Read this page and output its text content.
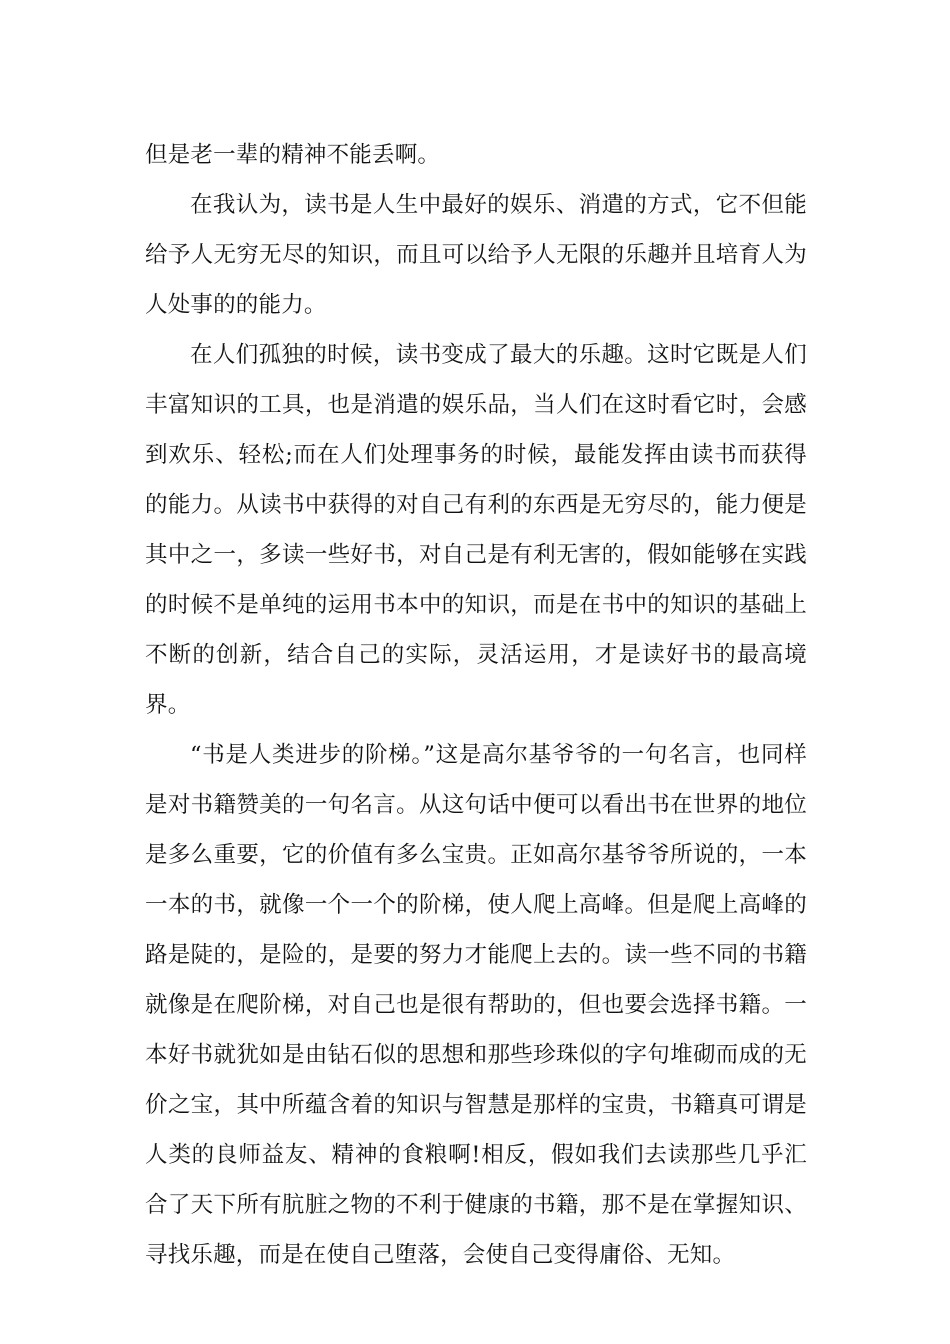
但是老一辈的精神不能丢啊。

在我认为，读书是人生中最好的娱乐、消遣的方式，它不但能给予人无穷无尽的知识，而且可以给予人无限的乐趣并且培育人为人处事的的能力。

在人们孤独的时候，读书变成了最大的乐趣。这时它既是人们丰富知识的工具，也是消遣的娱乐品，当人们在这时看它时，会感到欢乐、轻松;而在人们处理事务的时候，最能发挥由读书而获得的能力。从读书中获得的对自己有利的东西是无穷尽的，能力便是其中之一，多读一些好书，对自己是有利无害的，假如能够在实践的时候不是单纯的运用书本中的知识，而是在书中的知识的基础上不断的创新，结合自己的实际，灵活运用，才是读好书的最高境界。

“书是人类进步的阶梯。”这是高尔基爷爷的一句名言，也同样是对书籍赞美的一句名言。从这句话中便可以看出书在世界的地位是多么重要，它的价值有多么宝贵。正如高尔基爷爷所说的，一本一本的书，就像一个一个的阶梯，使人爬上高峰。但是爬上高峰的路是陡的，是险的，是要的努力才能爬上去的。读一些不同的书籍就像是在爬阶梯，对自己也是很有帮助的，但也要会选择书籍。一本好书就犹如是由钻石似的思想和那些珍珠似的字句堆砌而成的无价之宝，其中所蕴含着的知识与智慧是那样的宝贵，书籍真可谓是人类的良师益友、精神的食粮啊!相反，假如我们去读那些几乎汇合了天下所有肮脏之物的不利于健康的书籍，那不是在掌握知识、寻找乐趣，而是在使自己堕落，会使自己变得庸俗、无知。
